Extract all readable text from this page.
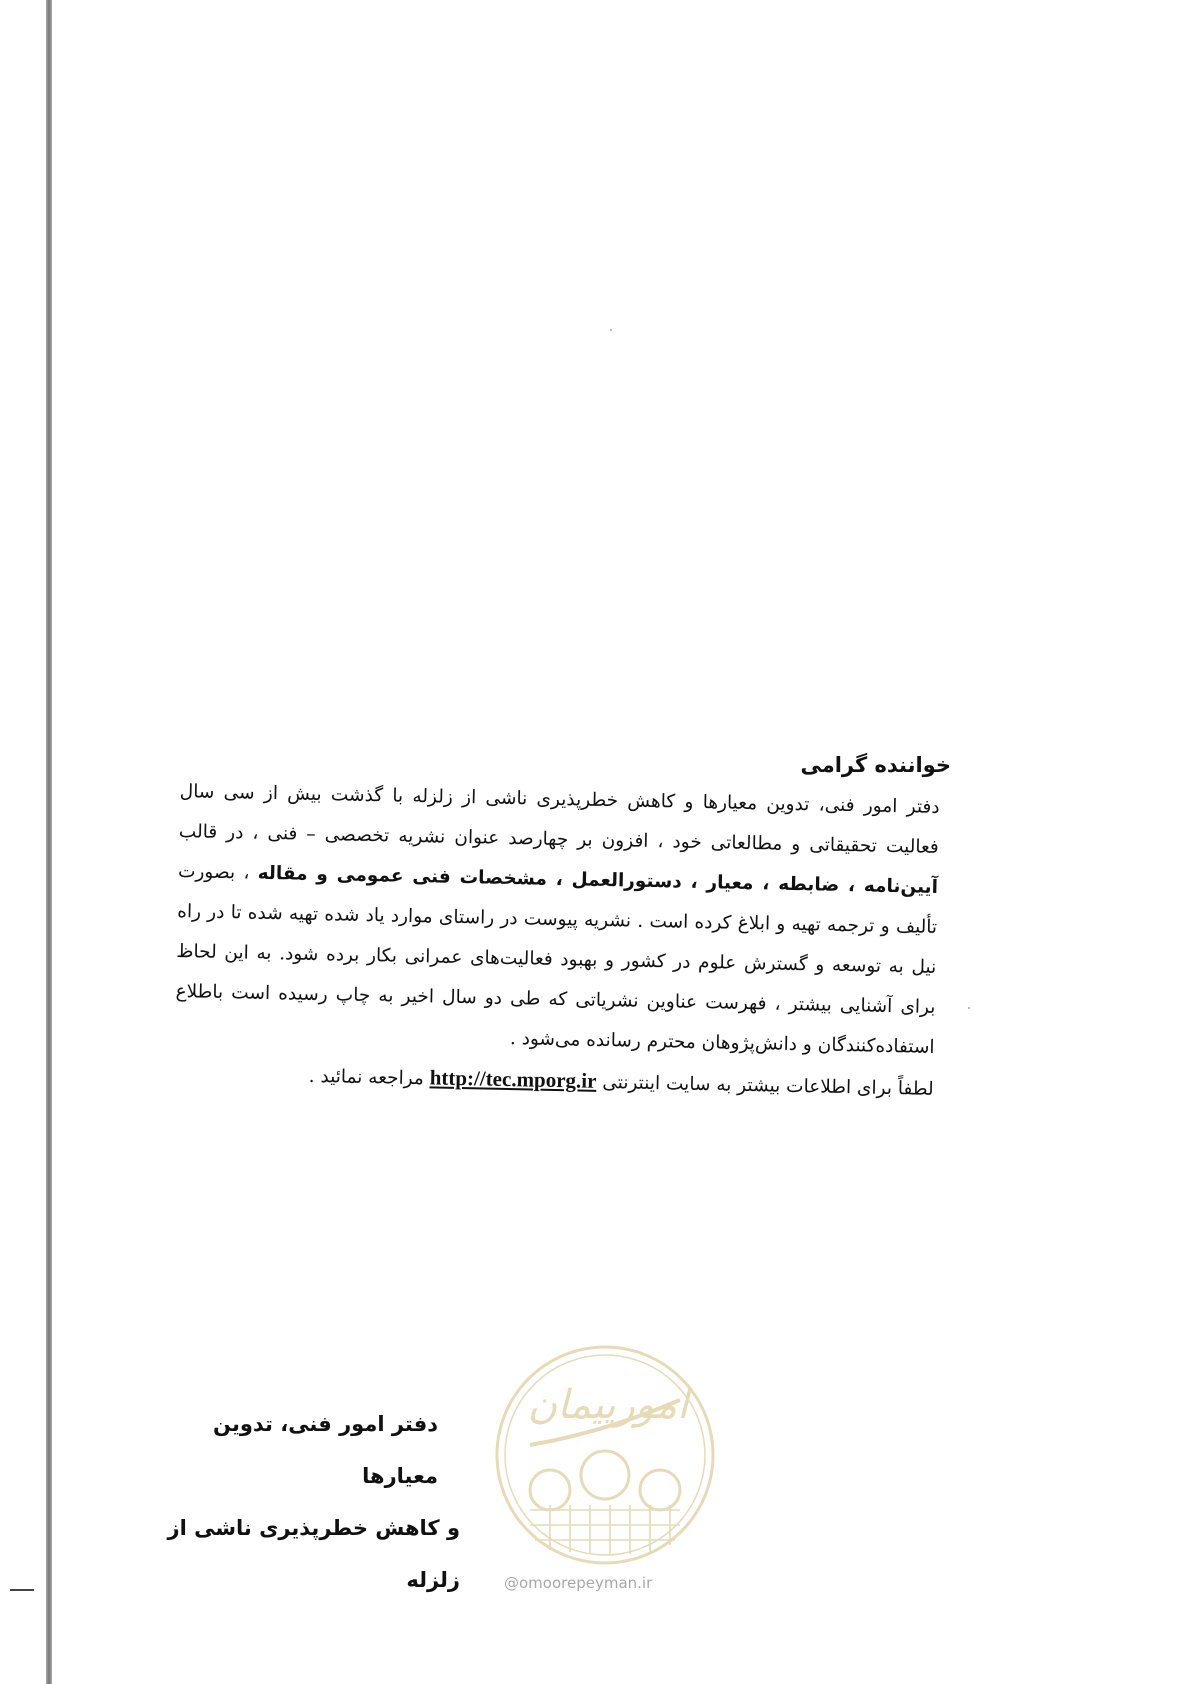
خواننده گرامی

دفتر امور فنی، تدوین معیارها و کاهش خطرپذیری ناشی از زلزله با گذشت بیش از سی سال فعالیت تحقیقاتی و مطالعاتی خود ، افزون بر چهارصد عنوان نشریه تخصصی – فنی ، در قالب آیین‌نامه ، ضابطه ، معیار ، دستورالعمل ، مشخصات فنی عمومی و مقاله ، بصورت تألیف و ترجمه تهیه و ابلاغ کرده است . نشریه پیوست در راستای موارد یاد شده تهیه شده تا در راه نیل به توسعه و گسترش علوم در کشور و بهبود فعالیت‌های عمرانی بکار برده شود. به این لحاظ برای آشنایی بیشتر ، فهرست عناوین نشریاتی که طی دو سال اخیر به چاپ رسیده است باطلاع استفاده‌کنندگان و دانش‌پژوهان محترم رسانده می‌شود .

لطفاً برای اطلاعات بیشتر به سایت اینترنتی http://tec.mporg.ir مراجعه نمائید .

دفتر امور فنی، تدوین معیارها
و کاهش خطرپذیری ناشی از زلزله
امورپیمان
@omoorepeyman.ir
